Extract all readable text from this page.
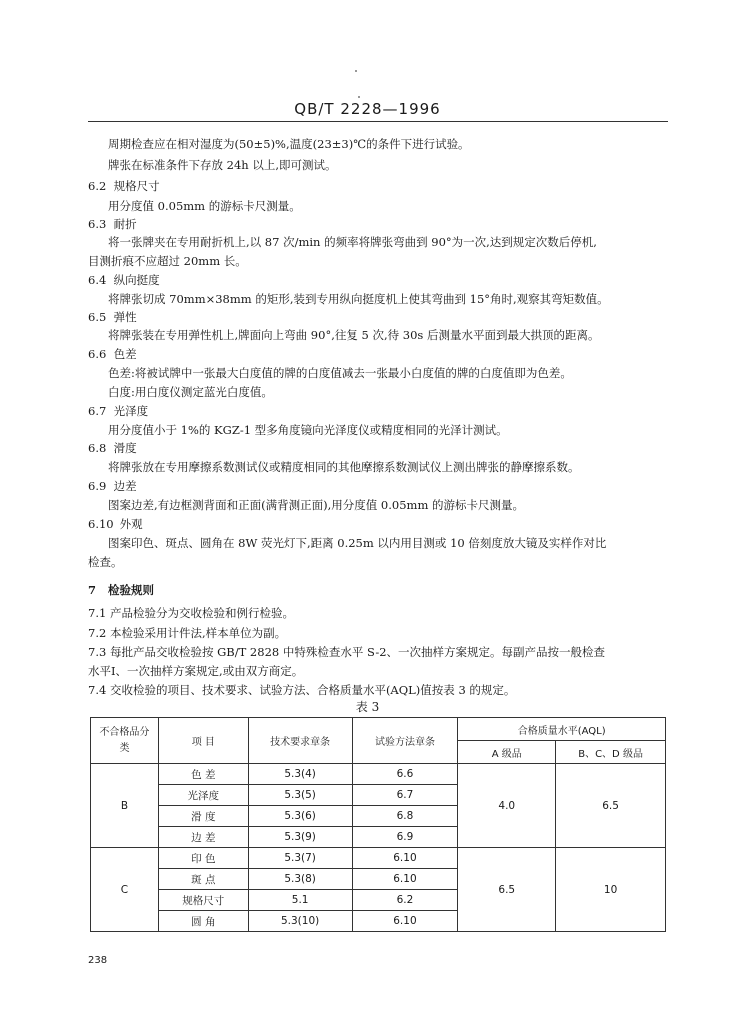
QB/T 2228—1996
周期检查应在相对湿度为(50±5)%,温度(23±3)℃的条件下进行试验。
牌张在标准条件下存放 24h 以上,即可测试。
6.2 规格尺寸
用分度值 0.05mm 的游标卡尺测量。
6.3 耐折
将一张牌夹在专用耐折机上,以 87 次/min 的频率将牌张弯曲到 90°为一次,达到规定次数后停机,
目测折痕不应超过 20mm 长。
6.4 纵向挺度
将牌张切成 70mm×38mm 的矩形,装到专用纵向挺度机上使其弯曲到 15°角时,观察其弯矩数值。
6.5 弹性
将牌张装在专用弹性机上,牌面向上弯曲 90°,往复 5 次,待 30s 后测量水平面到最大拱顶的距离。
6.6 色差
色差:将被试牌中一张最大白度值的牌的白度值减去一张最小白度值的牌的白度值即为色差。
白度:用白度仪测定蓝光白度值。
6.7 光泽度
用分度值小于 1%的 KGZ-1 型多角度镜向光泽度仪或精度相同的光泽计测试。
6.8 滑度
将牌张放在专用摩擦系数测试仪或精度相同的其他摩擦系数测试仪上测出牌张的静摩擦系数。
6.9 边差
图案边差,有边框测背面和正面(满背测正面),用分度值 0.05mm 的游标卡尺测量。
6.10 外观
图案印色、斑点、圆角在 8W 荧光灯下,距离 0.25m 以内用目测或 10 倍刻度放大镜及实样作对比
检查。
7 检验规则
7.1 产品检验分为交收检验和例行检验。
7.2 本检验采用计件法,样本单位为副。
7.3 每批产品交收检验按 GB/T 2828 中特殊检查水平 S-2、一次抽样方案规定。每副产品按一般检查
水平Ⅰ、一次抽样方案规定,或由双方商定。
7.4 交收检验的项目、技术要求、试验方法、合格质量水平(AQL)值按表 3 的规定。
表 3
不合格品分类	项 目	技术要求章条	试验方法章条	合格质量水平(AQL)	
				A 级品	B、C、D 级品
B	色 差	5.3(4)	6.6	4.0	6.5
	光泽度	5.3(5)	6.7		
	滑 度	5.3(6)	6.8		
	边 差	5.3(9)	6.9		
C	印 色	5.3(7)	6.10	6.5	10
	斑 点	5.3(8)	6.10		
	规格尺寸	5.1	6.2		
	圆 角	5.3(10)	6.10		
238
